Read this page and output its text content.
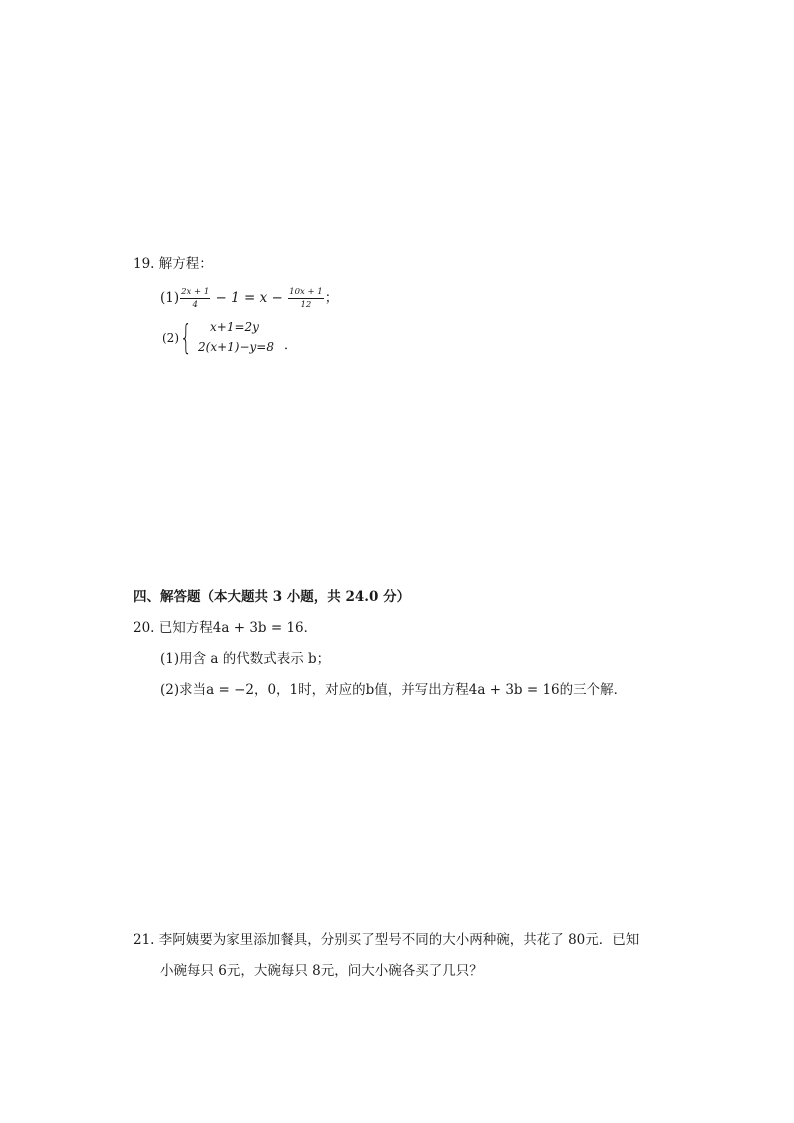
19. 解方程：
$(1) \frac{2x + 1}{4} - 1 = x - \frac{10x + 1}{12}$ ；
(2) { x+1=2y
2(x+1)−y=8 ．
四、解答题（本大题共 3 小题，共 24.0 分）
20. 已知方程4a + 3b = 16．
(1)用含 a 的代数式表示 b；
(2)求当a = −2，0，1时，对应的b值，并写出方程4a + 3b = 16的三个解．
21. 李阿姨要为家里添加餐具，分别买了型号不同的大小两种碗，共花了 80元．已知
小碗每只 6元，大碗每只 8元，问大小碗各买了几只？
